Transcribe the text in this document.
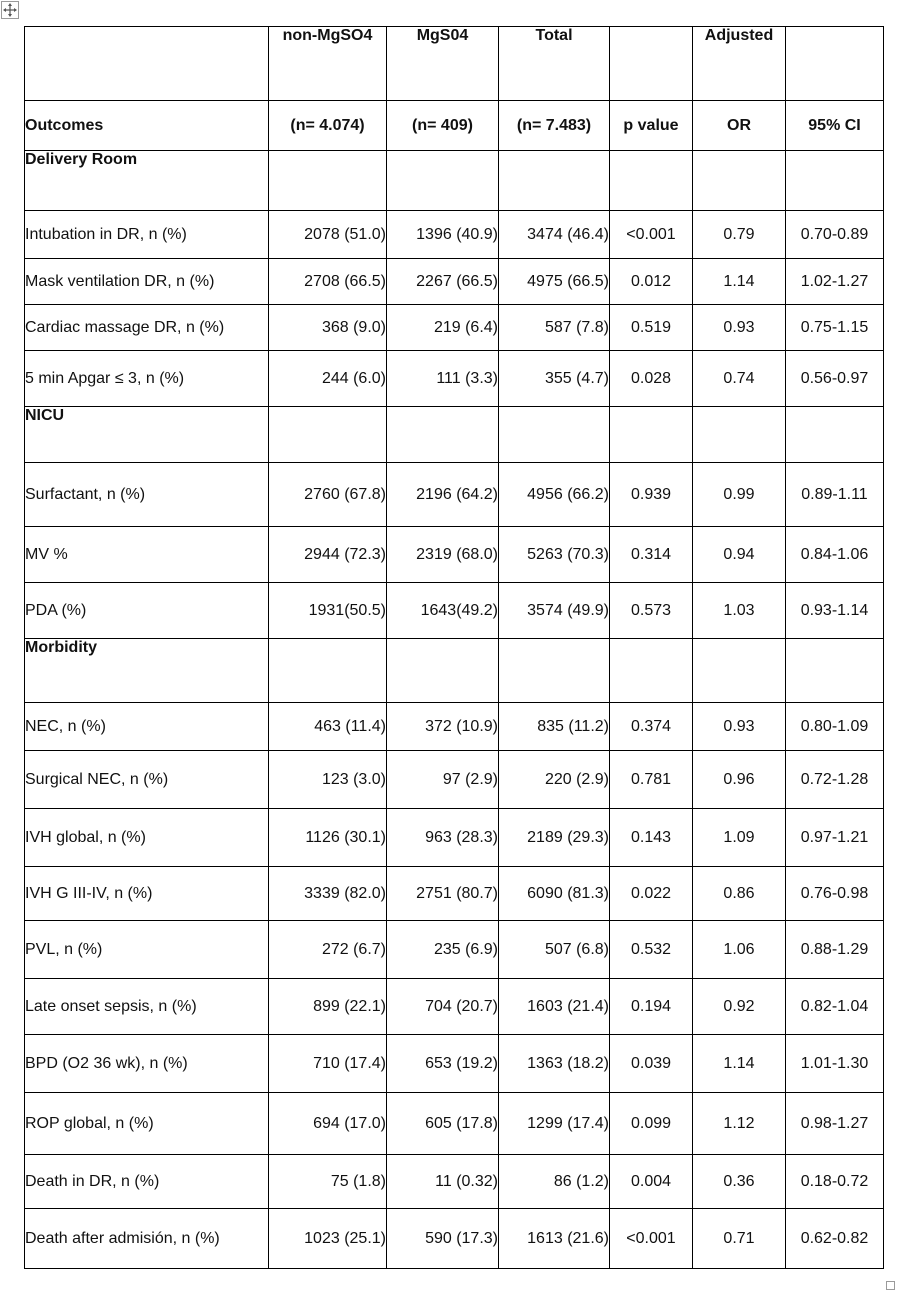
	non-MgSO4	MgS04	Total		Adjusted	
Outcomes	(n= 4.074)	(n= 409)	(n= 7.483)	p value	OR	95% CI
Delivery Room						
Intubation in DR, n (%)	2078 (51.0)	1396 (40.9)	3474 (46.4)	<0.001	0.79	0.70-0.89
Mask ventilation DR, n (%)	2708 (66.5)	2267 (66.5)	4975 (66.5)	0.012	1.14	1.02-1.27
Cardiac massage DR, n (%)	368 (9.0)	219 (6.4)	587 (7.8)	0.519	0.93	0.75-1.15
5 min Apgar ≤ 3, n (%)	244 (6.0)	111 (3.3)	355 (4.7)	0.028	0.74	0.56-0.97
NICU						
Surfactant, n (%)	2760 (67.8)	2196 (64.2)	4956 (66.2)	0.939	0.99	0.89-1.11
MV %	2944 (72.3)	2319 (68.0)	5263 (70.3)	0.314	0.94	0.84-1.06
PDA (%)	1931(50.5)	1643(49.2)	3574 (49.9)	0.573	1.03	0.93-1.14
Morbidity						
NEC, n (%)	463 (11.4)	372 (10.9)	835 (11.2)	0.374	0.93	0.80-1.09
Surgical NEC, n (%)	123 (3.0)	97 (2.9)	220 (2.9)	0.781	0.96	0.72-1.28
IVH global, n (%)	1126 (30.1)	963 (28.3)	2189 (29.3)	0.143	1.09	0.97-1.21
IVH G III-IV, n (%)	3339 (82.0)	2751 (80.7)	6090 (81.3)	0.022	0.86	0.76-0.98
PVL, n (%)	272 (6.7)	235 (6.9)	507 (6.8)	0.532	1.06	0.88-1.29
Late onset sepsis, n (%)	899 (22.1)	704 (20.7)	1603 (21.4)	0.194	0.92	0.82-1.04
BPD (O2 36 wk), n (%)	710 (17.4)	653 (19.2)	1363 (18.2)	0.039	1.14	1.01-1.30
ROP global, n (%)	694 (17.0)	605 (17.8)	1299 (17.4)	0.099	1.12	0.98-1.27
Death in DR, n (%)	75 (1.8)	11 (0.32)	86 (1.2)	0.004	0.36	0.18-0.72
Death after admisión, n (%)	1023 (25.1)	590 (17.3)	1613 (21.6)	<0.001	0.71	0.62-0.82
